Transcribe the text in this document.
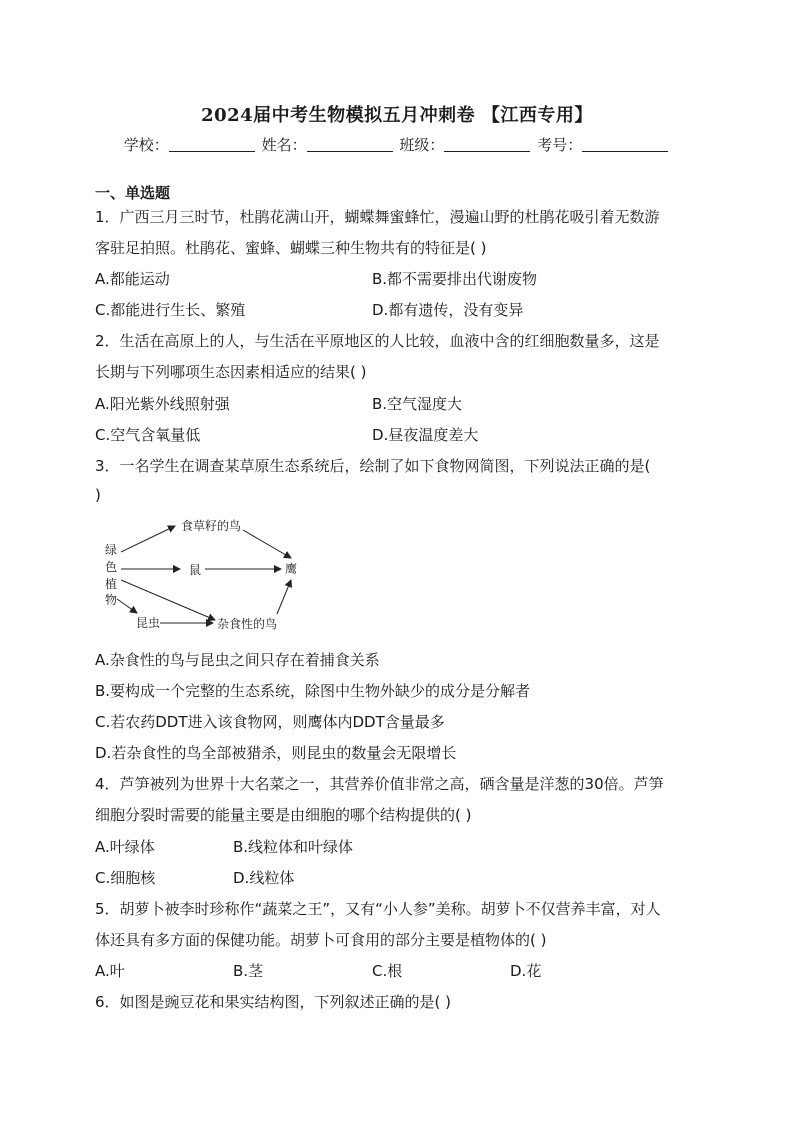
2024届中考生物模拟五月冲刺卷 【江西专用】
学校：	姓名：	班级：	考号：
一、单选题
1．广西三月三时节，杜鹃花满山开，蝴蝶舞蜜蜂忙，漫遍山野的杜鹃花吸引着无数游
客驻足拍照。杜鹃花、蜜蜂、蝴蝶三种生物共有的特征是( )
A.都能运动	B.都不需要排出代谢废物
C.都能进行生长、繁殖	D.都有遗传，没有变异
2．生活在高原上的人，与生活在平原地区的人比较，血液中含的红细胞数量多，这是
长期与下列哪项生态因素相适应的结果( )
A.阳光紫外线照射强	B.空气湿度大
C.空气含氧量低	D.昼夜温度差大
3．一名学生在调查某草原生态系统后，绘制了如下食物网简图，下列说法正确的是(
)
绿
色
植
物
食草籽的鸟
鼠	鹰
昆虫	杂食性的鸟
A.杂食性的鸟与昆虫之间只存在着捕食关系
B.要构成一个完整的生态系统，除图中生物外缺少的成分是分解者
C.若农药DDT进入该食物网，则鹰体内DDT含量最多
D.若杂食性的鸟全部被猎杀，则昆虫的数量会无限增长
4．芦笋被列为世界十大名菜之一，其营养价值非常之高，硒含量是洋葱的30倍。芦笋
细胞分裂时需要的能量主要是由细胞的哪个结构提供的( )
A.叶绿体	B.线粒体和叶绿体
C.细胞核	D.线粒体
5．胡萝卜被李时珍称作“蔬菜之王”，又有“小人参”美称。胡萝卜不仅营养丰富，对人
体还具有多方面的保健功能。胡萝卜可食用的部分主要是植物体的( )
A.叶	B.茎	C.根	D.花
6．如图是豌豆花和果实结构图，下列叙述正确的是( )
